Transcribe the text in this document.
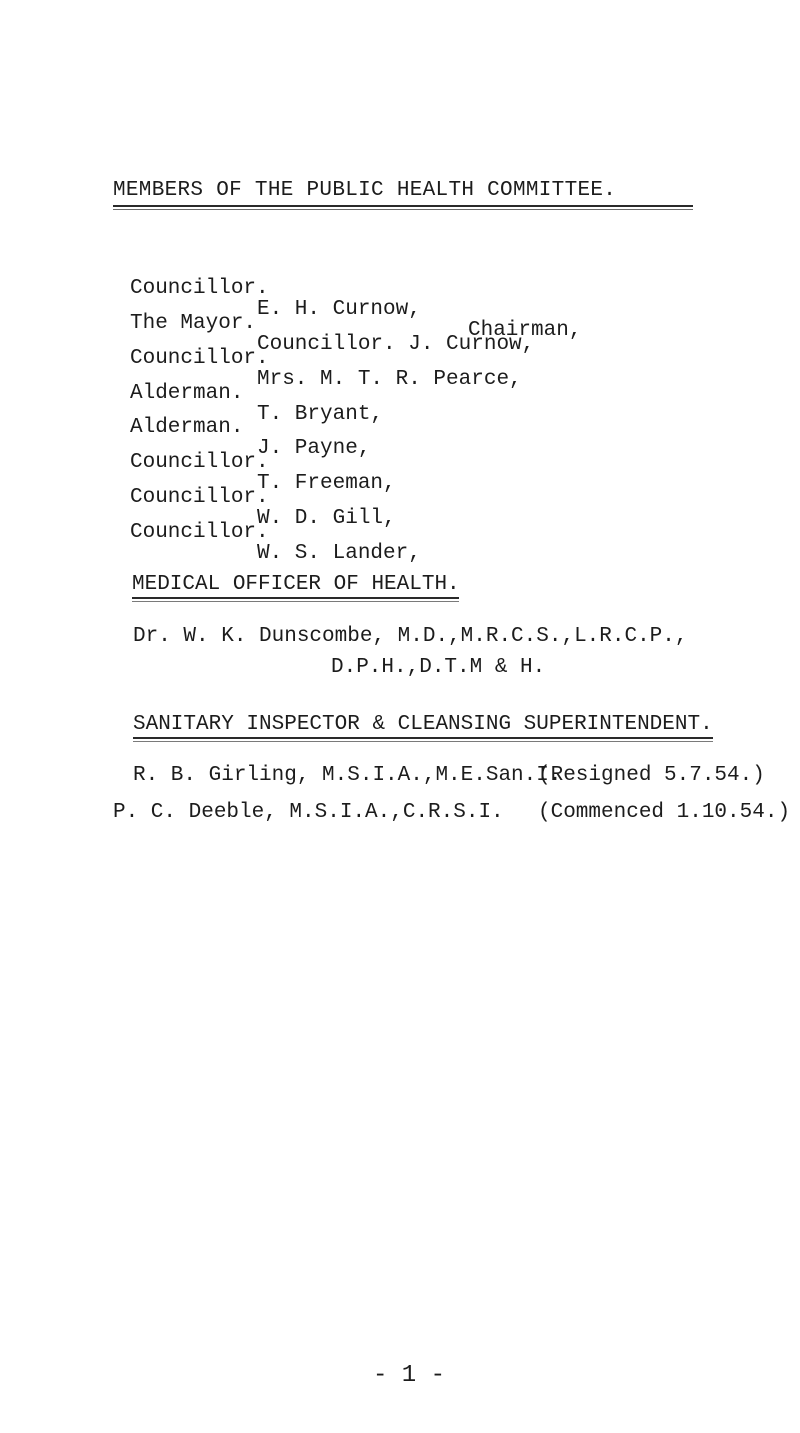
MEMBERS OF THE PUBLIC HEALTH COMMITTEE.

Councillor.

E. H. Curnow,

Chairman,

The Mayor.

Councillor. J. Curnow,

Councillor.

Mrs. M. T. R. Pearce,

Alderman.

T. Bryant,

Alderman.

J. Payne,

Councillor.

T. Freeman,

Councillor.

W. D. Gill,

Councillor.

W. S. Lander,

MEDICAL OFFICER OF HEALTH.
Dr. W. K. Dunscombe, M.D.,M.R.C.S.,L.R.C.P.,
D.P.H.,D.T.M & H.
SANITARY INSPECTOR & CLEANSING SUPERINTENDENT.
R. B. Girling, M.S.I.A.,M.E.San.I.
(Resigned 5.7.54.)
P. C. Deeble, M.S.I.A.,C.R.S.I. (Commenced 1.10.54.)
- 1 -
